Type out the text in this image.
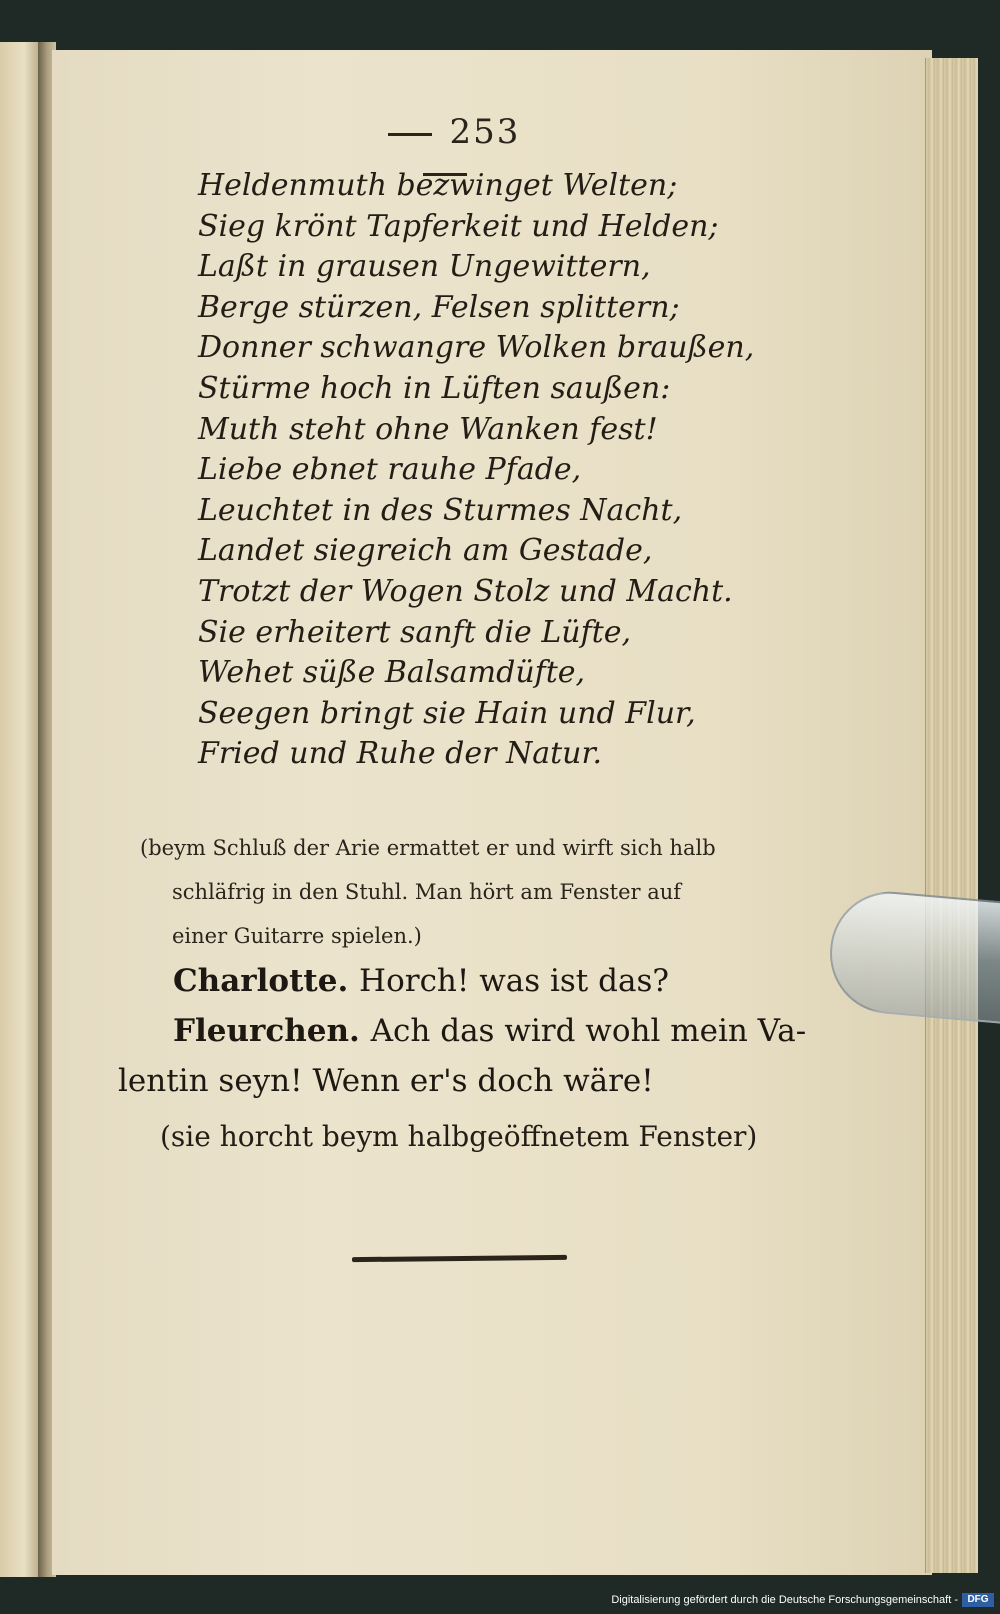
253
Heldenmuth bezwinget Welten;
Sieg krönt Tapferkeit und Helden;
Laßt in grausen Ungewittern,
Berge stürzen, Felsen splittern;
Donner schwangre Wolken braußen,
Stürme hoch in Lüften saußen:
Muth steht ohne Wanken fest!
Liebe ebnet rauhe Pfade,
Leuchtet in des Sturmes Nacht,
Landet siegreich am Gestade,
Trotzt der Wogen Stolz und Macht.
Sie erheitert sanft die Lüfte,
Wehet süße Balsamdüfte,
Seegen bringt sie Hain und Flur,
Fried und Ruhe der Natur.
(beym Schluß der Arie ermattet er und wirft sich halb
schläfrig in den Stuhl. Man hört am Fenster auf
einer Guitarre spielen.)
Charlotte. Horch! was ist das?
Fleurchen. Ach das wird wohl mein Va-
lentin seyn! Wenn er's doch wäre!
(sie horcht beym halbgeöffnetem Fenster)
Digitalisierung gefördert durch die Deutsche Forschungsgemeinschaft - DFG
